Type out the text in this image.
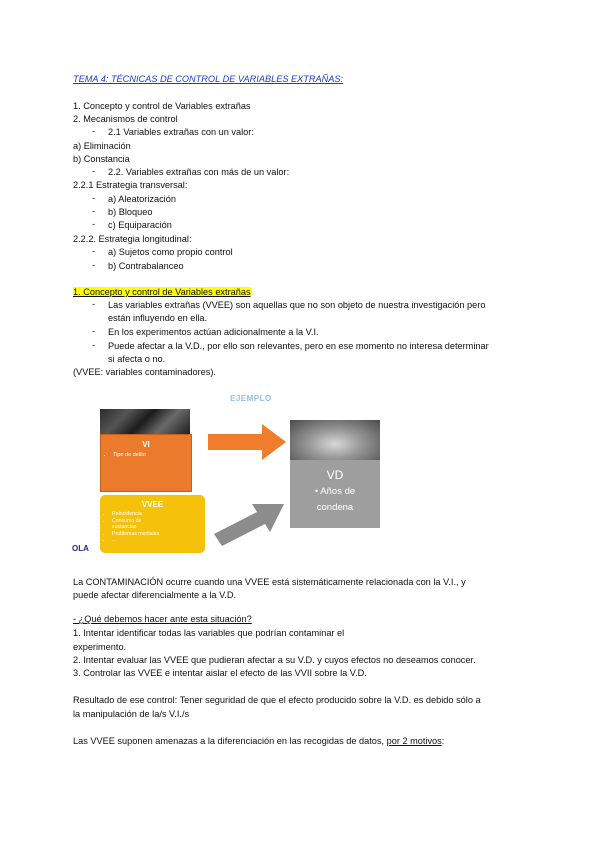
TEMA 4: TÉCNICAS DE CONTROL DE VARIABLES EXTRAÑAS:
1. Concepto y control de Variables extrañas
2. Mecanismos de control
- 2.1 Variables extrañas con un valor:
a) Eliminación
b) Constancia
- 2.2. Variables extrañas con más de un valor:
2.2.1 Estrategia transversal:
- a) Aleatorización
- b) Bloqueo
- c) Equiparación
2.2.2. Estrategia longitudinal:
- a) Sujetos como propio control
- b) Contrabalanceo
1. Concepto y control de Variables extrañas
- Las variables extrañas (VVEE) son aquellas que no son objeto de nuestra investigación pero
están influyendo en ella.
- En los experimentos actúan adicionalmente a la V.I.
- Puede afectar a la V.D., por ello son relevantes, pero en ese momento no interesa determinar
si afecta o no.
(VVEE: variables contaminadores).
EJEMPLO
VI
• Tipo de delito
VVEE
• Reincidencia
• Consumo de
sustancias
• Problemas mentales
• ...
OLA
VD
• Años de
condena
La CONTAMINACIÓN ocurre cuando una VVEE está sistemáticamente relacionada con la V.I., y
puede afectar diferencialmente a la V.D.
- ¿Qué debemos hacer ante esta situación?
1. Intentar identificar todas las variables que podrían contaminar el
experimento.
2. Intentar evaluar las VVEE que pudieran afectar a su V.D. y cuyos efectos no deseamos conocer.
3. Controlar las VVEE e intentar aislar el efecto de las VVII sobre la V.D.
Resultado de ese control: Tener seguridad de que el efecto producido sobre la V.D. es debido sólo a
la manipulación de la/s V.I./s
Las VVEE suponen amenazas a la diferenciación en las recogidas de datos, por 2 motivos:
